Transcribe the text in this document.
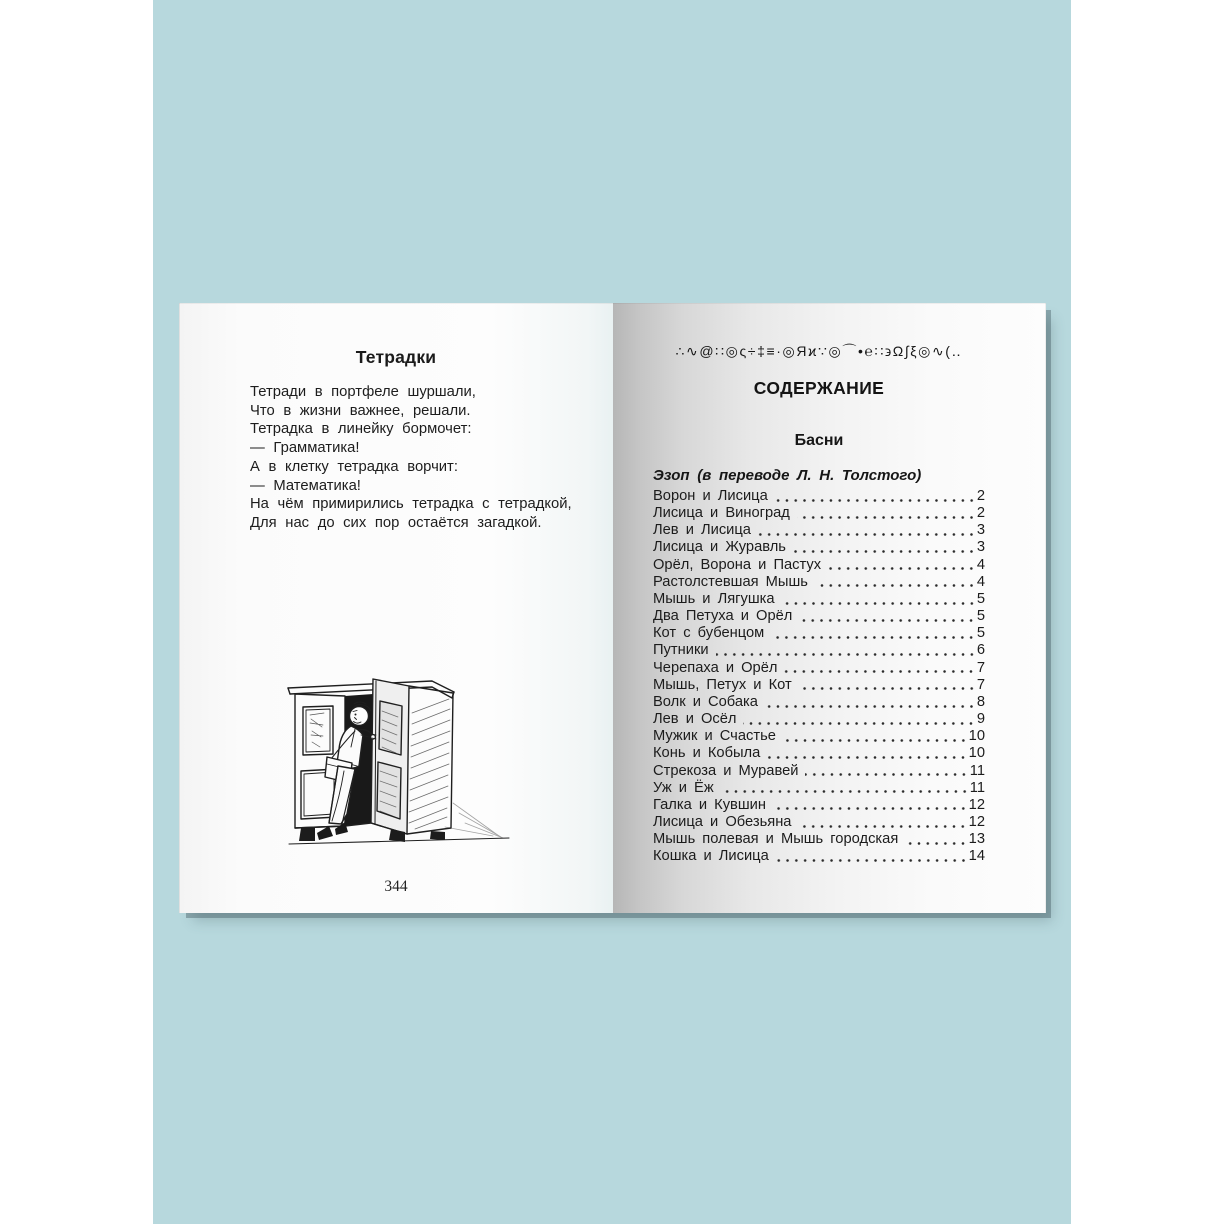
Тетрадки
Тетради в портфеле шуршали,
Что в жизни важнее, решали.
Тетрадка в линейку бормочет:
— Грамматика!
А в клетку тетрадка ворчит:
— Математика!
На чём примирились тетрадка с тетрадкой,
Для нас до сих пор остаётся загадкой.
344
∴∿@∷◎ς÷‡≡·◎Яϰ∵◎⌒•℮∷϶Ω∫ξ◎∿(‥
СОДЕРЖАНИЕ
Басни
Эзоп (в переводе Л. Н. Толстого)
Ворон и Лисица	2
Лисица и Виноград	2
Лев и Лисица	3
Лисица и Журавль	3
Орёл, Ворона и Пастух	4
Растолстевшая Мышь	4
Мышь и Лягушка	5
Два Петуха и Орёл	5
Кот с бубенцом	5
Путники	6
Черепаха и Орёл	7
Мышь, Петух и Кот	7
Волк и Собака	8
Лев и Осёл	9
Мужик и Счастье	10
Конь и Кобыла	10
Стрекоза и Муравей	11
Уж и Ёж	11
Галка и Кувшин	12
Лисица и Обезьяна	12
Мышь полевая и Мышь городская	13
Кошка и Лисица	14
